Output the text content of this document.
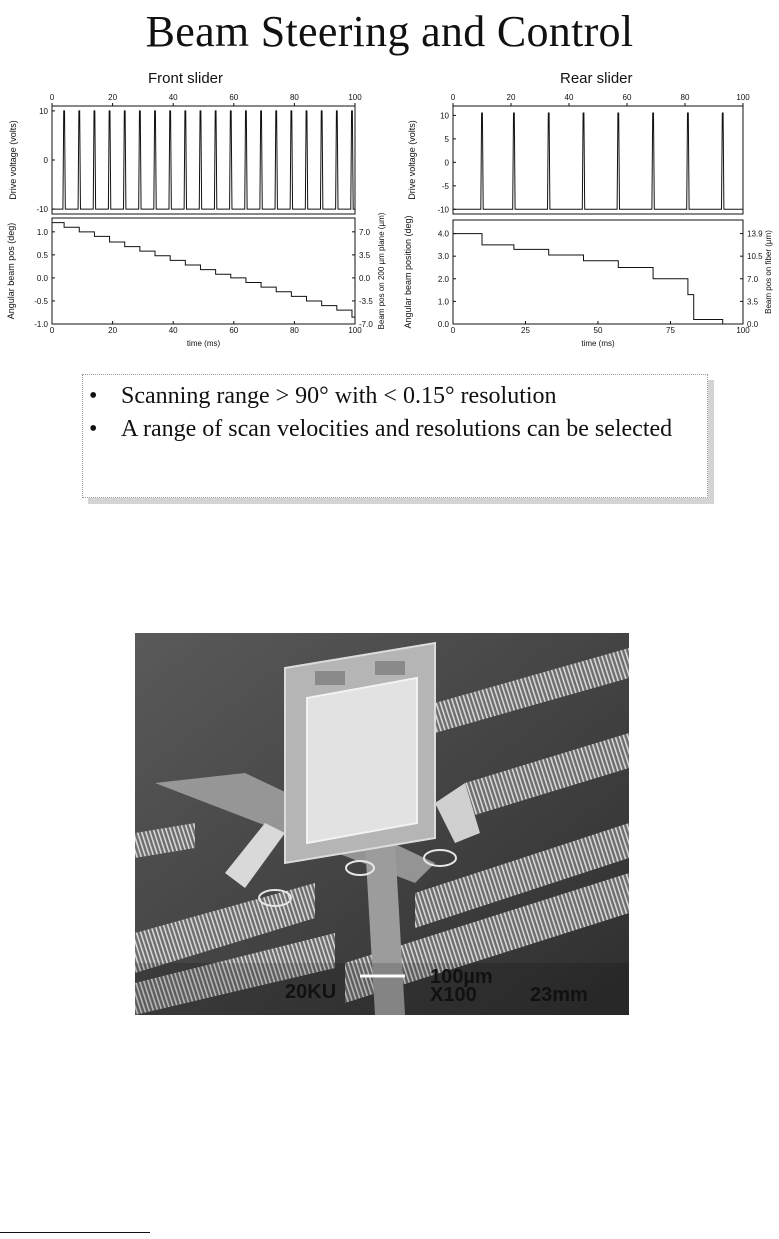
Beam Steering and Control
Front slider
0	20	40	60	80	100
10
0
-10
Drive voltage (volts)
0	20	40	60	80	100
1.0
0.5
0.0
-0.5
-1.0
7.0
3.5
0.0
-3.5
-7.0
time (ms)
Angular beam pos (deg)	Beam pos on 200 µm plane (µm)
Rear slider
0	20	40	60	80	100
10
5
0
-5
-10
Drive voltage (volts)
0	25	50	75	100
4.0
3.0
2.0
1.0
0.0
13.9
10.5
7.0
3.5
0.0
time (ms)
Angular beam position (deg)	Beam pos on fiber (µm)
• Scanning range > 90° with < 0.15° resolution
• A range of scan velocities and resolutions can be selected
100µm
20KU	X100	23mm
